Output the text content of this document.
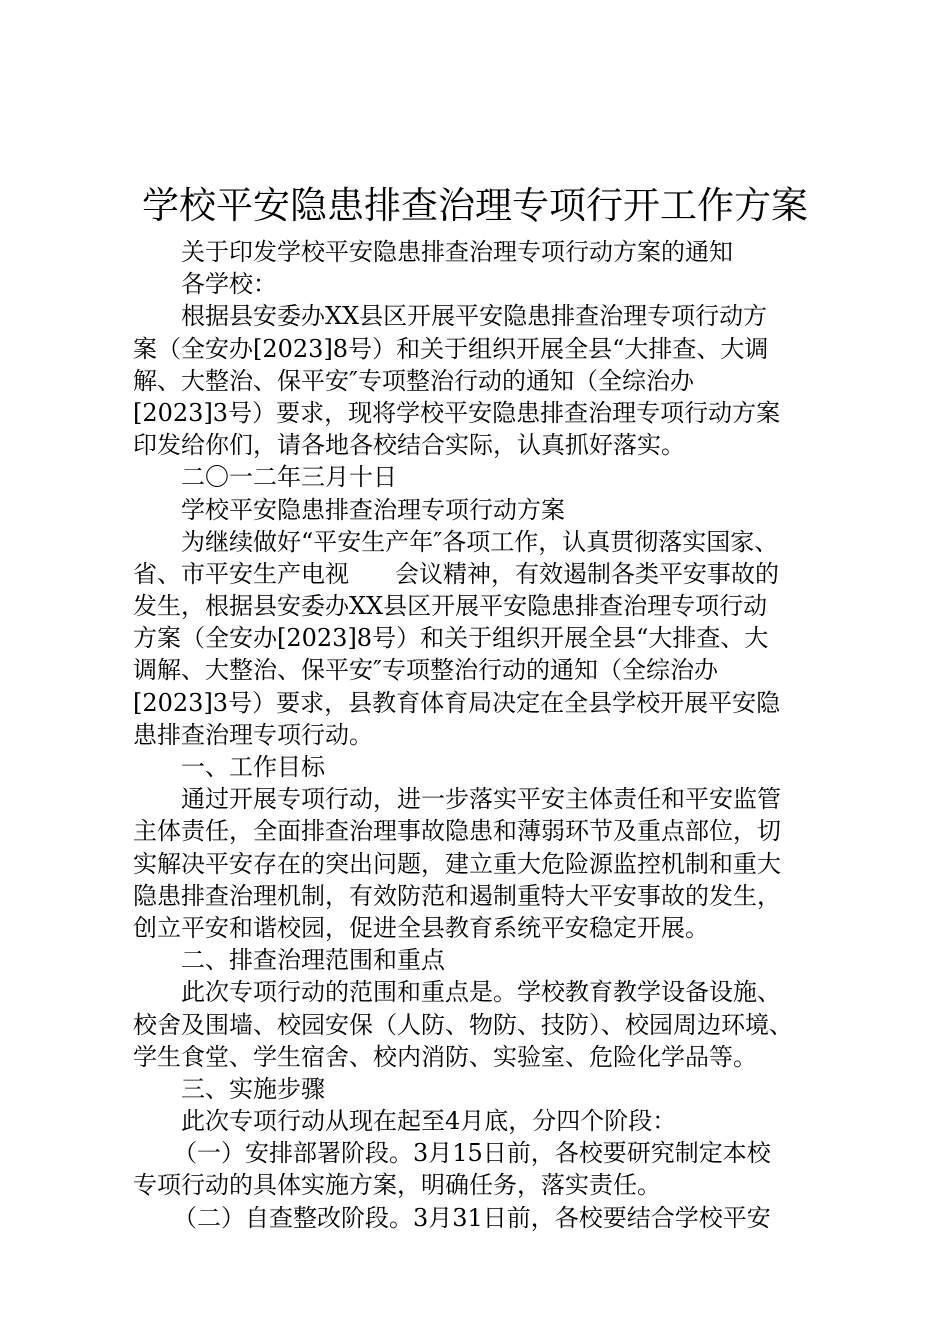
学校平安隐患排查治理专项行开工作方案
关于印发学校平安隐患排查治理专项行动方案的通知
各学校：
根据县安委办XX县区开展平安隐患排查治理专项行动方
案（全安办[2023]8号）和关于组织开展全县“大排查、大调
解、大整治、保平安″专项整治行动的通知（全综治办
[2023]3号）要求，现将学校平安隐患排查治理专项行动方案
印发给你们，请各地各校结合实际，认真抓好落实。
二〇一二年三月十日
学校平安隐患排查治理专项行动方案
为继续做好“平安生产年″各项工作，认真贯彻落实国家、
省、市平安生产电视 会议精神，有效遏制各类平安事故的
发生，根据县安委办XX县区开展平安隐患排查治理专项行动
方案（全安办[2023]8号）和关于组织开展全县“大排查、大
调解、大整治、保平安″专项整治行动的通知（全综治办
[2023]3号）要求，县教育体育局决定在全县学校开展平安隐
患排查治理专项行动。
一、工作目标
通过开展专项行动，进一步落实平安主体责任和平安监管
主体责任，全面排查治理事故隐患和薄弱环节及重点部位，切
实解决平安存在的突出问题，建立重大危险源监控机制和重大
隐患排查治理机制，有效防范和遏制重特大平安事故的发生，
创立平安和谐校园，促进全县教育系统平安稳定开展。
二、排查治理范围和重点
此次专项行动的范围和重点是。学校教育教学设备设施、
校舍及围墙、校园安保（人防、物防、技防）、校园周边环境、
学生食堂、学生宿舍、校内消防、实验室、危险化学品等。
三、实施步骤
此次专项行动从现在起至4月底，分四个阶段：
（一）安排部署阶段。3月15日前，各校要研究制定本校
专项行动的具体实施方案，明确任务，落实责任。
（二）自查整改阶段。3月31日前，各校要结合学校平安
